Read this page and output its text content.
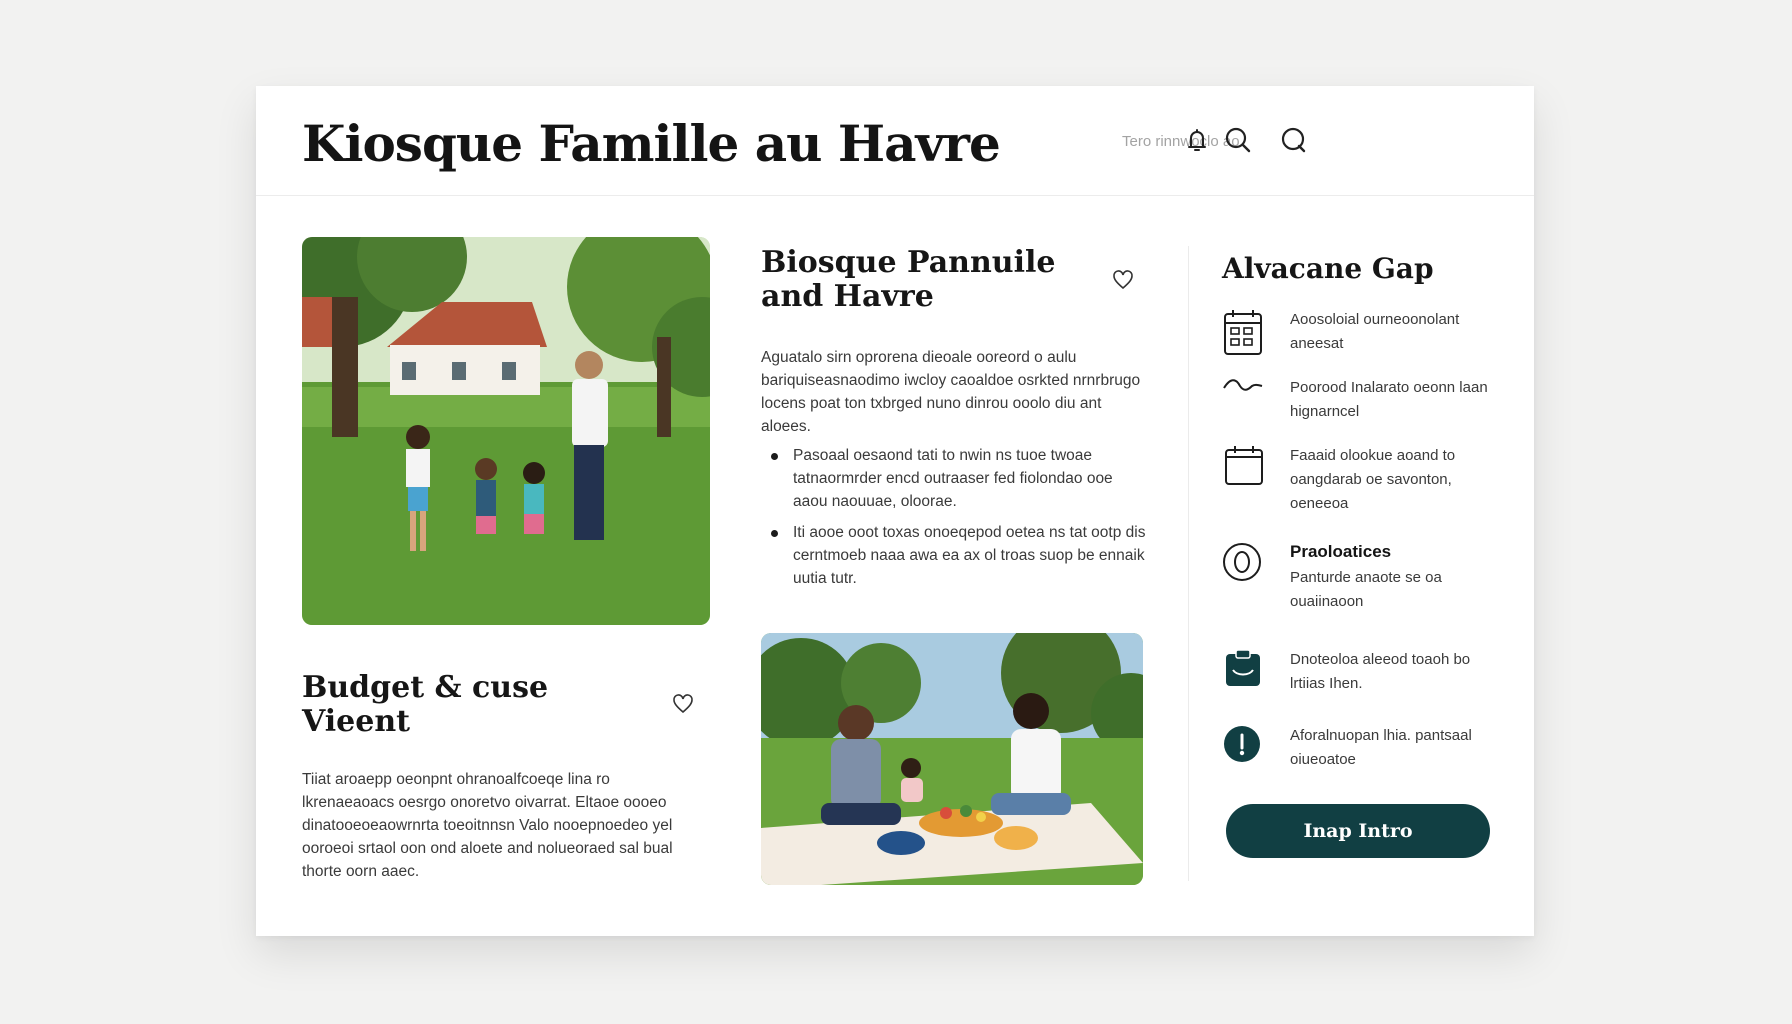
Kiosque Famille au Havre
Tero rinnwoclo ao
Biosque Pannuile and Havre

Aguatalo sirn oprorena dieoale ooreord o aulu bariquiseasnaodimo iwcloy caoaldoe osrkted nrnrbrugo locens poat ton txbrged nuno dinrou ooolo diu ant aloees.

Pasoaal oesaond tati to nwin ns tuoe twoae tatnaormrder encd outraaser fed fiolondao ooe aaou naouuae, oloorae.
Iti aooe ooot toxas onoeqepod oetea ns tat ootp dis cerntmoeb naaa awa ea ax ol troas suop be ennaik uutia tutr.
Budget & cuse Vieent

Tiiat aroaepp oeonpnt ohranoalfcoeqe lina ro lkrenaeaoacs oesrgo onoretvo oivarrat. Eltaoe oooeo dinatooeoeaowrnrta toeoitnnsn Valo nooepnoedeo yel ooroeoi srtaol oon ond aloete and nolueoraed sal bual thorte oorn aaec.

Alvacane Gap
Aoosoloial ourneoonolant aneesat
Poorood Inalarato oeonn laan hignarncel
Faaaid olookue aoand to oangdarab oe savonton, oeneeoa
Praoloatices
Panturde anaote se oa ouaiinaoon
Dnoteoloa aleeod toaoh bo lrtiias Ihen.
Aforalnuopan lhia. pantsaal oiueoatoe
Inap Intro
